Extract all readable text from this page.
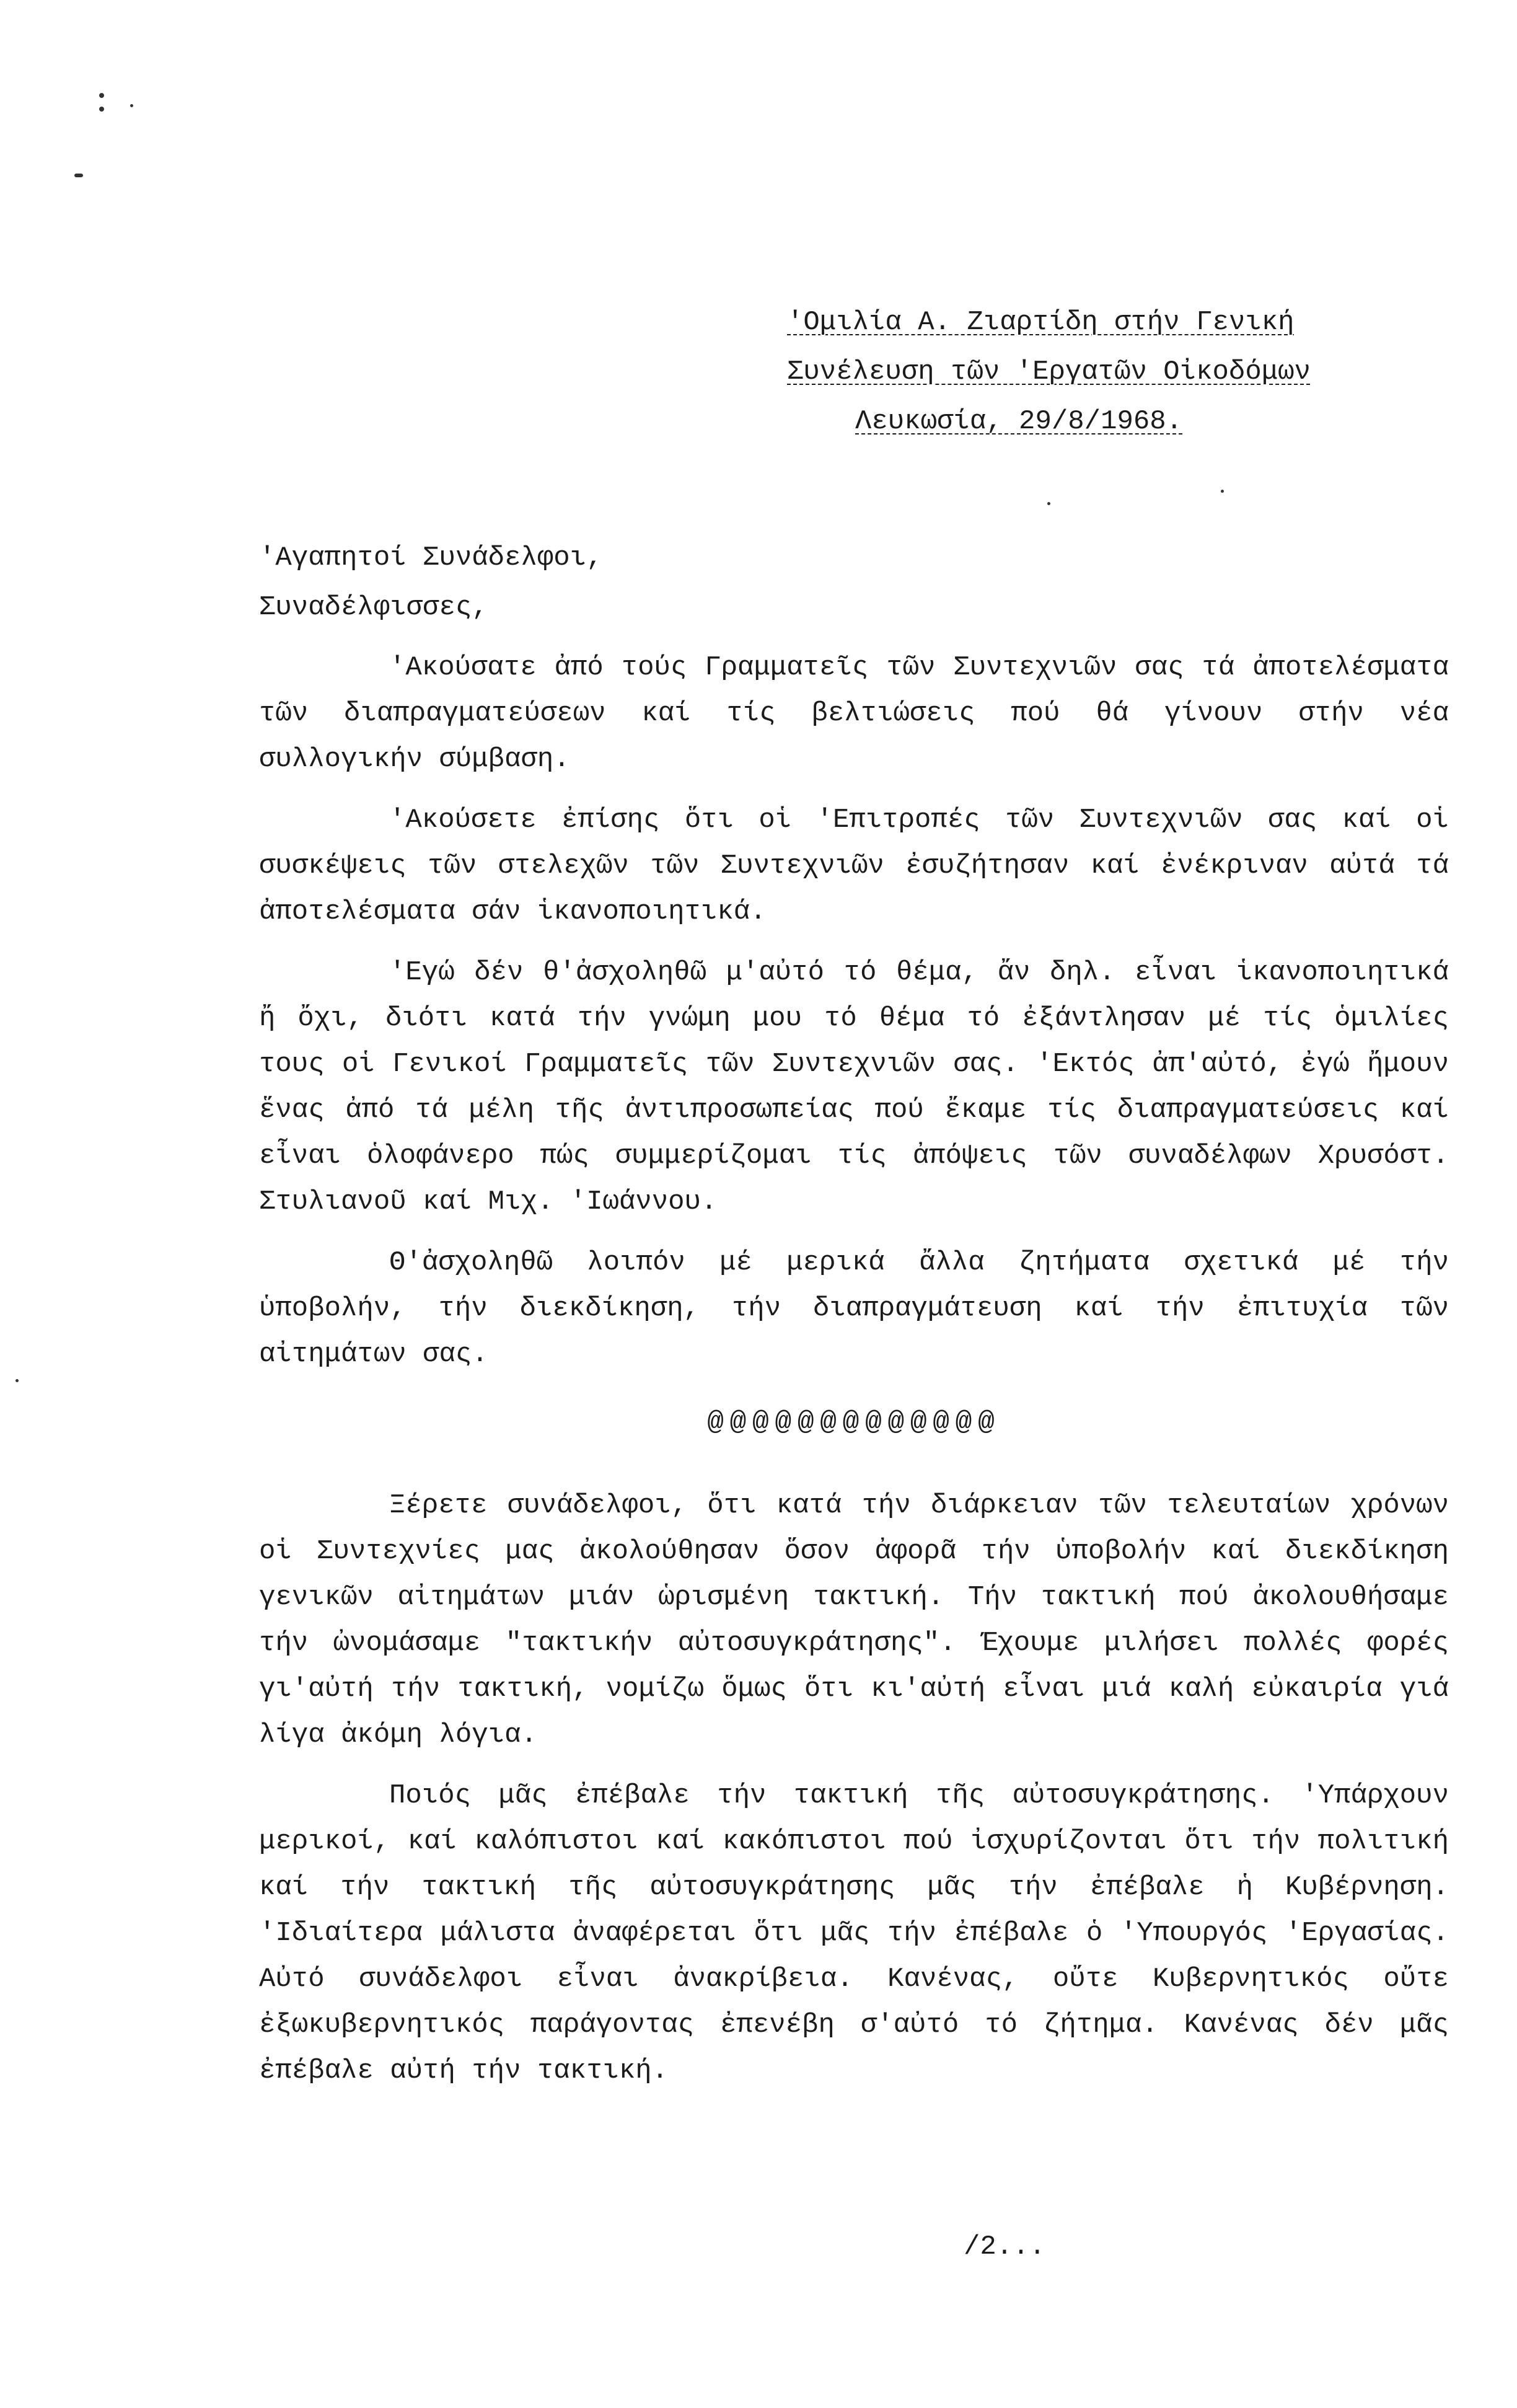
'Ομιλία Α. Ζιαρτίδη στήν Γενική
Συνέλευση τῶν 'Εργατῶν Οἰκοδόμων
Λευκωσία, 29/8/1968.
'Αγαπητοί Συνάδελφοι,
Συναδέλφισσες,

'Ακούσατε ἀπό τούς Γραμματεῖς τῶν Συντεχνιῶν σας τά ἀποτελέσματα τῶν διαπραγματεύσεων καί τίς βελτιώσεις πού θά γίνουν στήν νέα συλλογικήν σύμβαση.

'Ακούσετε ἐπίσης ὅτι οἱ 'Επιτροπές τῶν Συντεχνιῶν σας καί οἱ συσκέψεις τῶν στελεχῶν τῶν Συντεχνιῶν ἐσυζήτησαν καί ἐνέκριναν αὐτά τά ἀποτελέσματα σάν ἱκανοποιητικά.

'Εγώ δέν θ'ἀσχοληθῶ μ'αὐτό τό θέμα, ἄν δηλ. εἶναι ἱκανοποιητικά ἤ ὄχι, διότι κατά τήν γνώμη μου τό θέμα τό ἐξάντλησαν μέ τίς ὁμιλίες τους οἱ Γενικοί Γραμματεῖς τῶν Συντεχνιῶν σας. 'Εκτός ἀπ'αὐτό, ἐγώ ἤμουν ἕνας ἀπό τά μέλη τῆς ἀντιπροσωπείας πού ἔκαμε τίς διαπραγματεύσεις καί εἶναι ὁλοφάνερο πώς συμμερίζομαι τίς ἀπόψεις τῶν συναδέλφων Χρυσόστ. Στυλιανοῦ καί Μιχ. 'Ιωάννου.

Θ'ἀσχοληθῶ λοιπόν μέ μερικά ἄλλα ζητήματα σχετικά μέ τήν ὑποβολήν, τήν διεκδίκηση, τήν διαπραγμάτευση καί τήν ἐπιτυχία τῶν αἰτημάτων σας.

@@@@@@@@@@@@@

Ξέρετε συνάδελφοι, ὅτι κατά τήν διάρκειαν τῶν τελευταίων χρόνων οἱ Συντεχνίες μας ἀκολούθησαν ὅσον ἀφορᾶ τήν ὑποβολήν καί διεκδίκηση γενικῶν αἰτημάτων μιάν ὡρισμένη τακτική. Τήν τακτική πού ἀκολουθήσαμε τήν ὠνομάσαμε "τακτικήν αὐτοσυγκράτησης". Έχουμε μιλήσει πολλές φορές γι'αὐτή τήν τακτική, νομίζω ὅμως ὅτι κι'αὐτή εἶναι μιά καλή εὐκαιρία γιά λίγα ἀκόμη λόγια.

Ποιός μᾶς ἐπέβαλε τήν τακτική τῆς αὐτοσυγκράτησης. 'Υπάρχουν μερικοί, καί καλόπιστοι καί κακόπιστοι πού ἰσχυρίζονται ὅτι τήν πολιτική καί τήν τακτική τῆς αὐτοσυγκράτησης μᾶς τήν ἐπέβαλε ἡ Κυβέρνηση. 'Ιδιαίτερα μάλιστα ἀναφέρεται ὅτι μᾶς τήν ἐπέβαλε ὁ 'Υπουργός 'Εργασίας. Αὐτό συνάδελφοι εἶναι ἀνακρίβεια. Κανένας, οὔτε Κυβερνητικός οὔτε ἐξωκυβερνητικός παράγοντας ἐπενέβη σ'αὐτό τό ζήτημα. Κανένας δέν μᾶς ἐπέβαλε αὐτή τήν τακτική.

/2...
